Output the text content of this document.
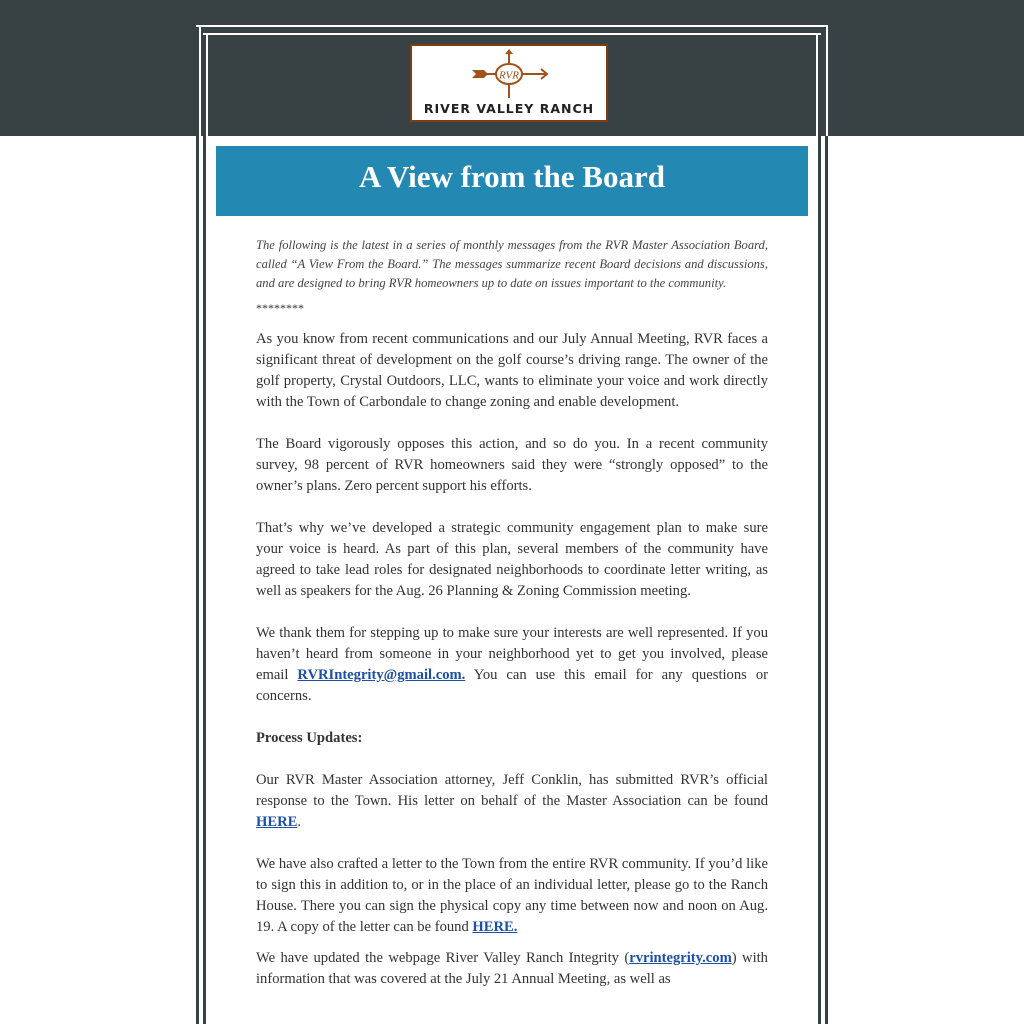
RVR
RIVER VALLEY RANCH
A View from the Board

The following is the latest in a series of monthly messages from the RVR Master Association Board, called “A View From the Board.” The messages summarize recent Board decisions and discussions, and are designed to bring RVR homeowners up to date on issues important to the community.

********

As you know from recent communications and our July Annual Meeting, RVR faces a significant threat of development on the golf course’s driving range. The owner of the golf property, Crystal Outdoors, LLC, wants to eliminate your voice and work directly with the Town of Carbondale to change zoning and enable development.

The Board vigorously opposes this action, and so do you. In a recent community survey, 98 percent of RVR homeowners said they were “strongly opposed” to the owner’s plans. Zero percent support his efforts.

That’s why we’ve developed a strategic community engagement plan to make sure your voice is heard. As part of this plan, several members of the community have agreed to take lead roles for designated neighborhoods to coordinate letter writing, as well as speakers for the Aug. 26 Planning & Zoning Commission meeting.

We thank them for stepping up to make sure your interests are well represented. If you haven’t heard from someone in your neighborhood yet to get you involved, please email RVRIntegrity@gmail.com. You can use this email for any questions or concerns.

Process Updates:

Our RVR Master Association attorney, Jeff Conklin, has submitted RVR’s official response to the Town. His letter on behalf of the Master Association can be found HERE.

We have also crafted a letter to the Town from the entire RVR community. If you’d like to sign this in addition to, or in the place of an individual letter, please go to the Ranch House. There you can sign the physical copy any time between now and noon on Aug. 19. A copy of the letter can be found HERE.

We have updated the webpage River Valley Ranch Integrity (rvrintegrity.com) with information that was covered at the July 21 Annual Meeting, as well as
